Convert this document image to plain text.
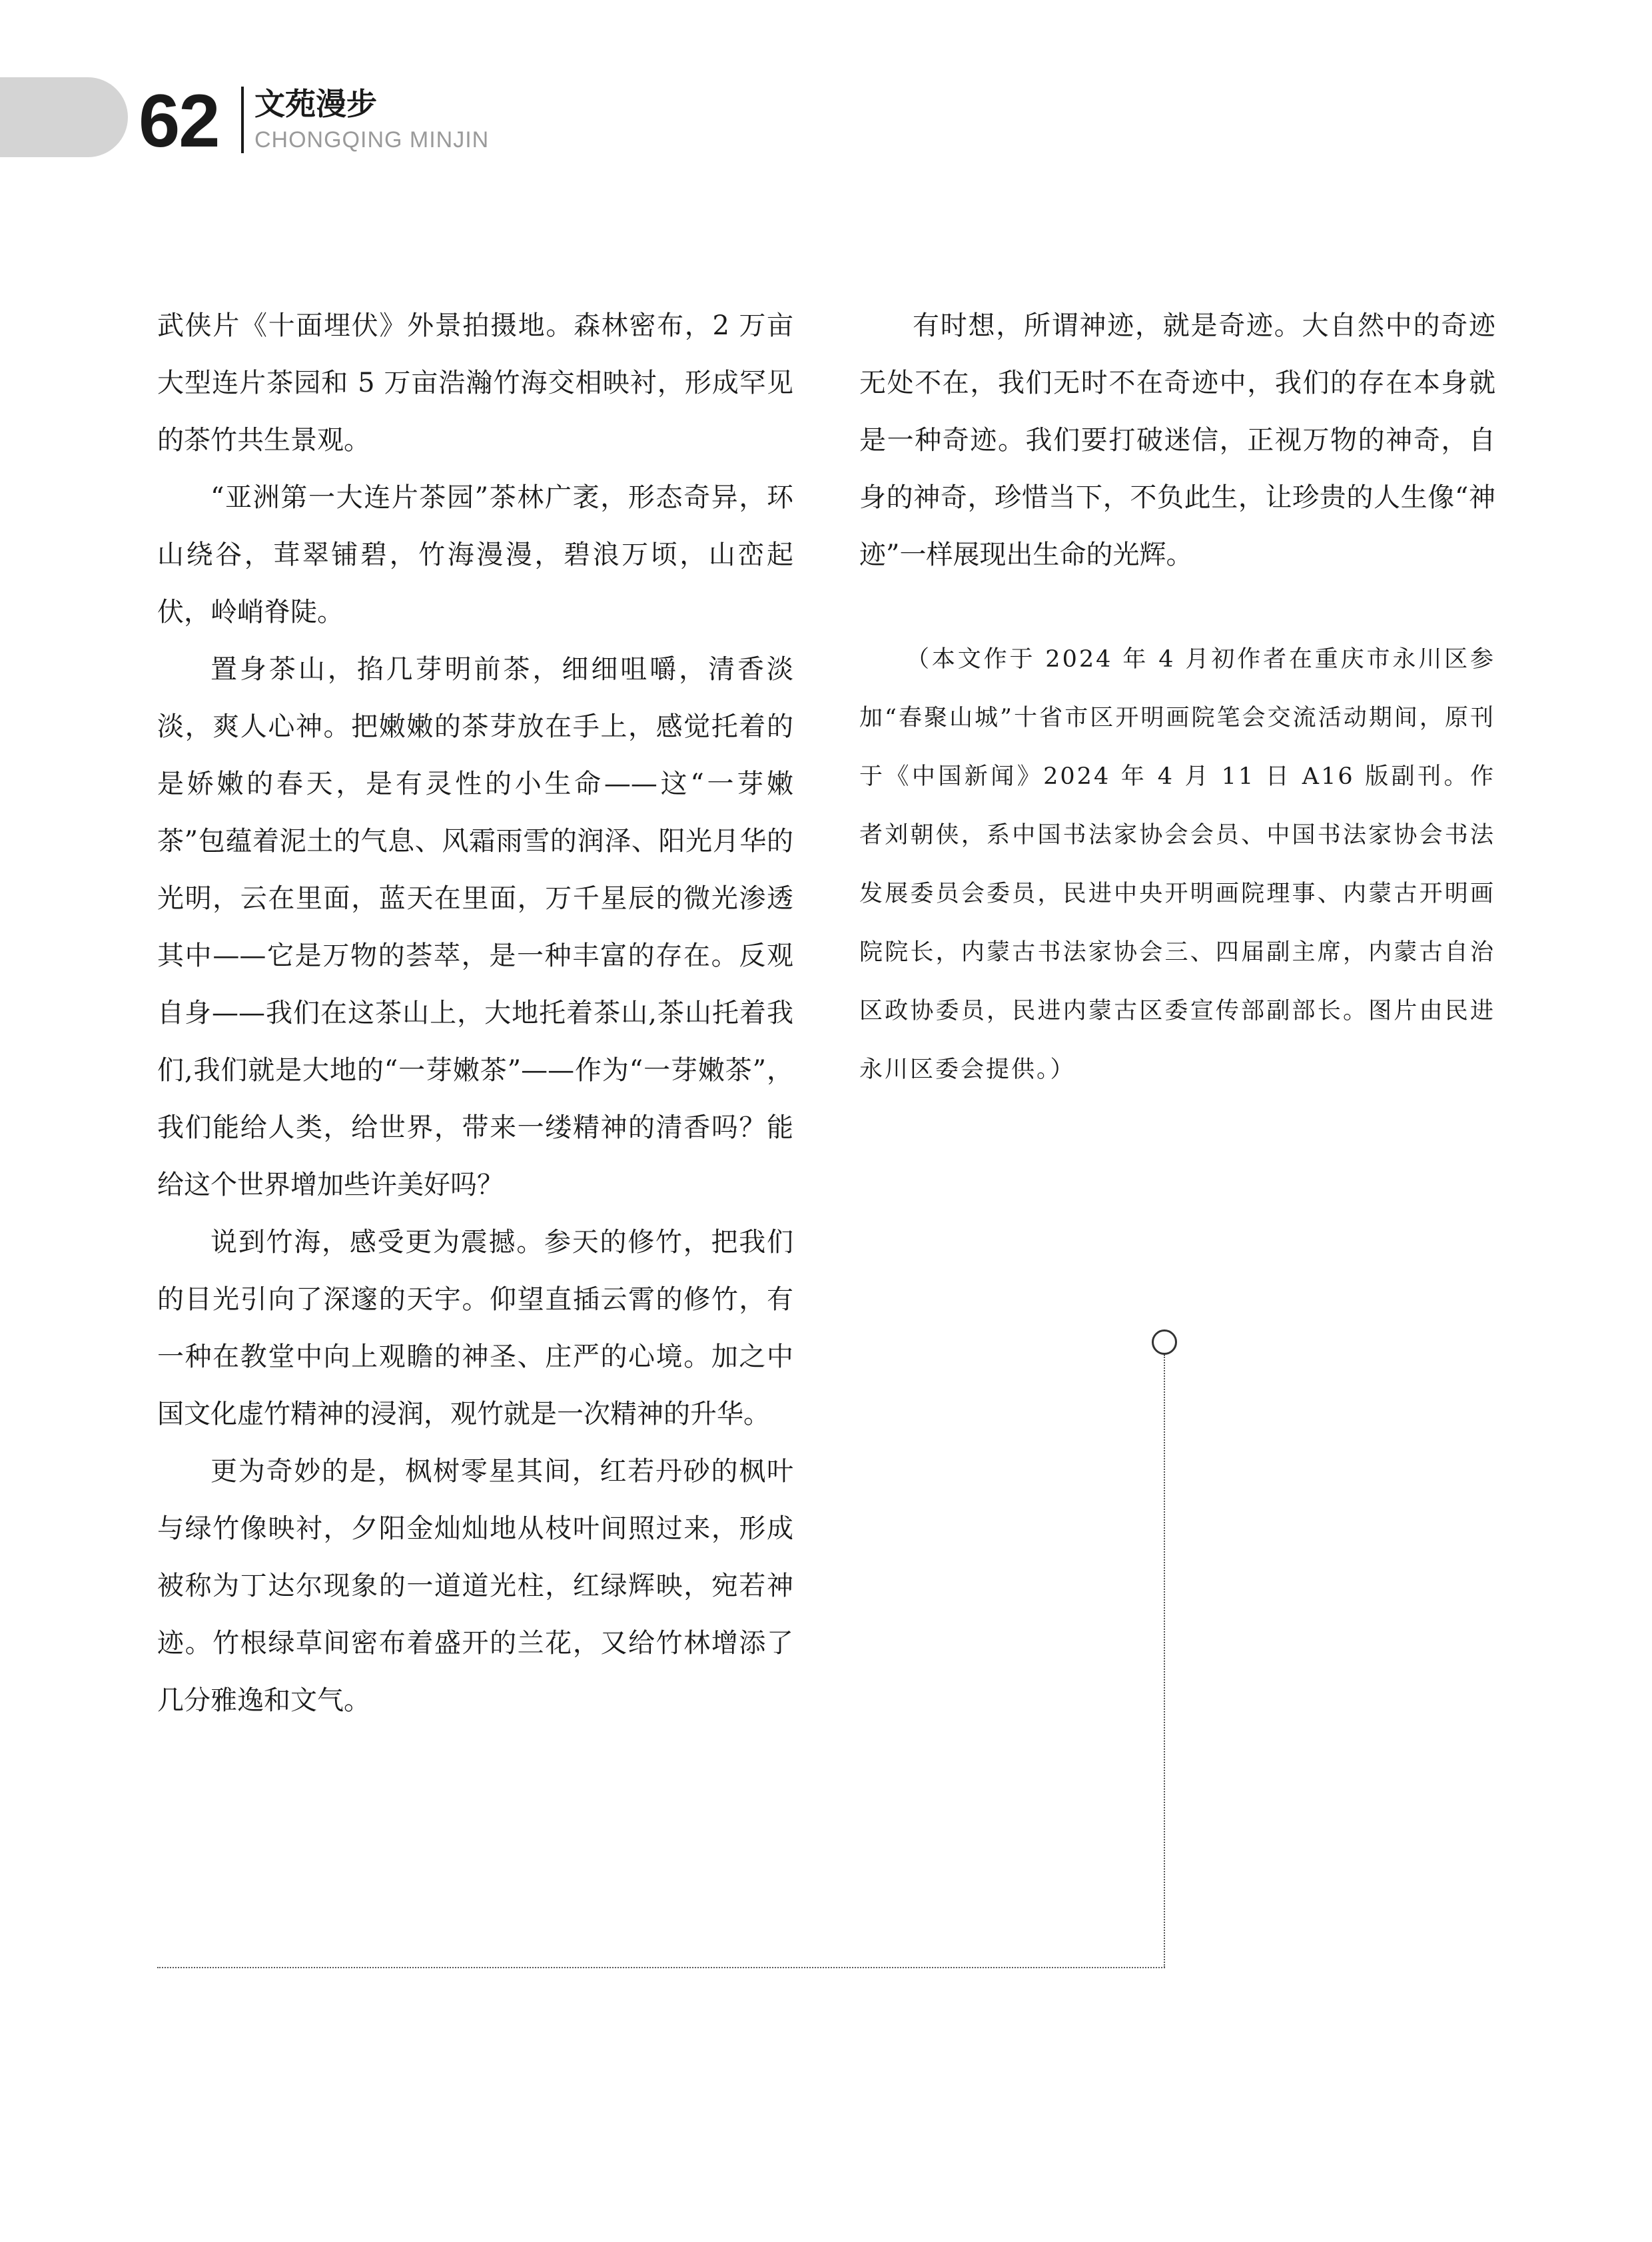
62 文苑漫步
CHONGQING MINJIN

武侠片《十面埋伏》外景拍摄地。森林密布，2 万亩大型连片茶园和 5 万亩浩瀚竹海交相映衬，形成罕见的茶竹共生景观。

“亚洲第一大连片茶园”茶林广袤，形态奇异，环山绕谷，茸翠铺碧，竹海漫漫，碧浪万顷，山峦起伏，岭峭脊陡。

置身茶山，掐几芽明前茶，细细咀嚼，清香淡淡，爽人心神。把嫩嫩的茶芽放在手上，感觉托着的是娇嫩的春天，是有灵性的小生命——这“一芽嫩茶”包蕴着泥土的气息、风霜雨雪的润泽、阳光月华的光明，云在里面，蓝天在里面，万千星辰的微光渗透其中——它是万物的荟萃，是一种丰富的存在。反观自身——我们在这茶山上，大地托着茶山,茶山托着我们,我们就是大地的“一芽嫩茶”——作为“一芽嫩茶”，我们能给人类，给世界，带来一缕精神的清香吗？能给这个世界增加些许美好吗？

说到竹海，感受更为震撼。参天的修竹，把我们的目光引向了深邃的天宇。仰望直插云霄的修竹，有一种在教堂中向上观瞻的神圣、庄严的心境。加之中国文化虚竹精神的浸润，观竹就是一次精神的升华。

更为奇妙的是，枫树零星其间，红若丹砂的枫叶与绿竹像映衬，夕阳金灿灿地从枝叶间照过来，形成被称为丁达尔现象的一道道光柱，红绿辉映，宛若神迹。竹根绿草间密布着盛开的兰花，又给竹林增添了几分雅逸和文气。

有时想，所谓神迹，就是奇迹。大自然中的奇迹无处不在，我们无时不在奇迹中，我们的存在本身就是一种奇迹。我们要打破迷信，正视万物的神奇，自身的神奇，珍惜当下，不负此生，让珍贵的人生像“神迹”一样展现出生命的光辉。

（本文作于 2024 年 4 月初作者在重庆市永川区参加“春聚山城”十省市区开明画院笔会交流活动期间，原刊于《中国新闻》2024 年 4 月 11 日 A16 版副刊。作者刘朝侠，系中国书法家协会会员、中国书法家协会书法发展委员会委员，民进中央开明画院理事、内蒙古开明画院院长，内蒙古书法家协会三、四届副主席，内蒙古自治区政协委员，民进内蒙古区委宣传部副部长。图片由民进永川区委会提供。）
